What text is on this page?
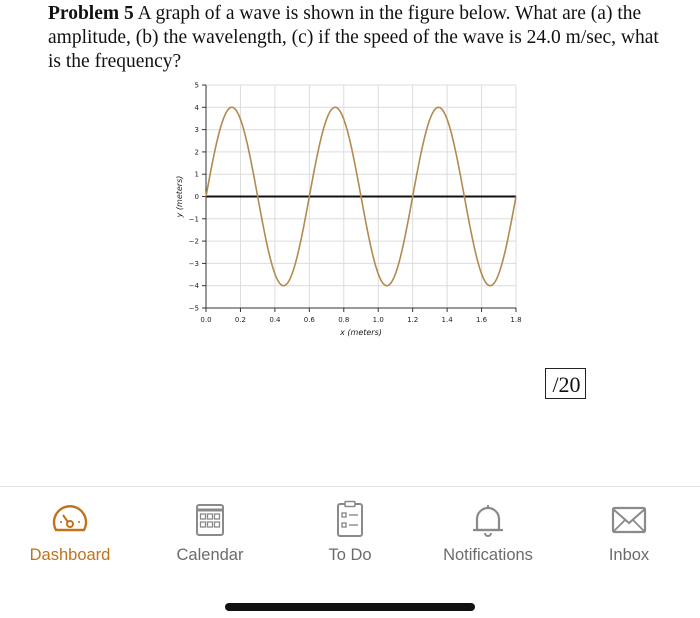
Problem 5 A graph of a wave is shown in the figure below. What are (a) the amplitude, (b) the wavelength, (c) if the speed of the wave is 24.0 m/sec, what is the frequency?
0.0	0.2	0.4	0.6	0.8	1.0	1.2	1.4	1.6	1.8
5
4
3
2
1
0
−1
−2
−3
−4
−5
x (meters)
y (meters)
/20
Dashboard	Calendar	To Do	Notifications	Inbox
